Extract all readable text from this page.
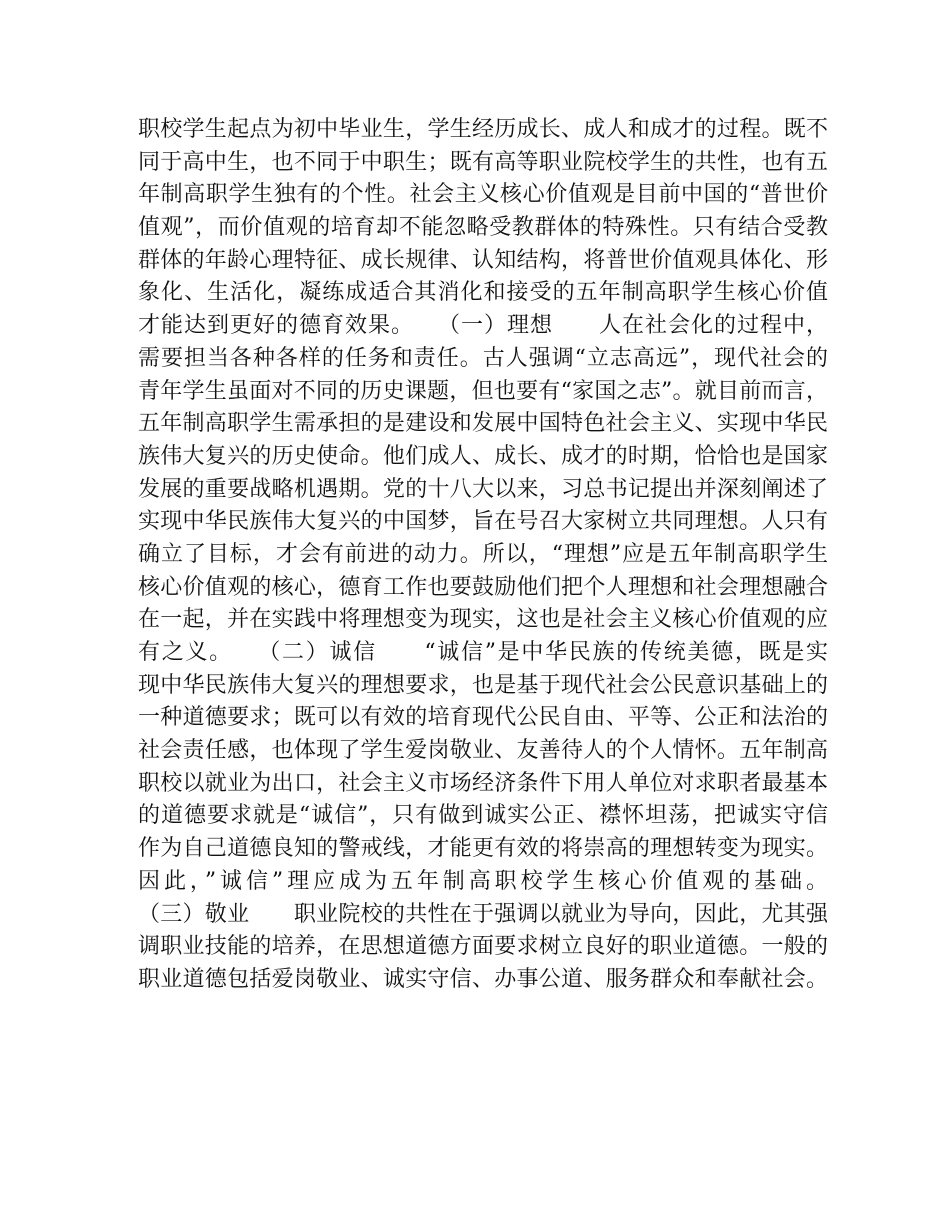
职校学生起点为初中毕业生，学生经历成长、成人和成才的过程。既不
同于高中生，也不同于中职生；既有高等职业院校学生的共性，也有五
年制高职学生独有的个性。社会主义核心价值观是目前中国的“普世价
值观”，而价值观的培育却不能忽略受教群体的特殊性。只有结合受教
群体的年龄心理特征、成长规律、认知结构，将普世价值观具体化、形
象化、生活化，凝练成适合其消化和接受的五年制高职学生核心价值
才能达到更好的德育效果。　　（一）理想　　人在社会化的过程中，
需要担当各种各样的任务和责任。古人强调“立志高远”，现代社会的
青年学生虽面对不同的历史课题，但也要有“家国之志”。就目前而言，
五年制高职学生需承担的是建设和发展中国特色社会主义、实现中华民
族伟大复兴的历史使命。他们成人、成长、成才的时期，恰恰也是国家
发展的重要战略机遇期。党的十八大以来，习总书记提出并深刻阐述了
实现中华民族伟大复兴的中国梦，旨在号召大家树立共同理想。人只有
确立了目标，才会有前进的动力。所以，“理想”应是五年制高职学生
核心价值观的核心，德育工作也要鼓励他们把个人理想和社会理想融合
在一起，并在实践中将理想变为现实，这也是社会主义核心价值观的应
有之义。　　（二）诚信　　“诚信”是中华民族的传统美德，既是实
现中华民族伟大复兴的理想要求，也是基于现代社会公民意识基础上的
一种道德要求；既可以有效的培育现代公民自由、平等、公正和法治的
社会责任感，也体现了学生爱岗敬业、友善待人的个人情怀。五年制高
职校以就业为出口，社会主义市场经济条件下用人单位对求职者最基本
的道德要求就是“诚信”，只有做到诚实公正、襟怀坦荡，把诚实守信
作为自己道德良知的警戒线，才能更有效的将崇高的理想转变为现实。
因此，”诚信”理应成为五年制高职校学生核心价值观的基础。
（三）敬业　　职业院校的共性在于强调以就业为导向，因此，尤其强
调职业技能的培养，在思想道德方面要求树立良好的职业道德。一般的
职业道德包括爱岗敬业、诚实守信、办事公道、服务群众和奉献社会。
